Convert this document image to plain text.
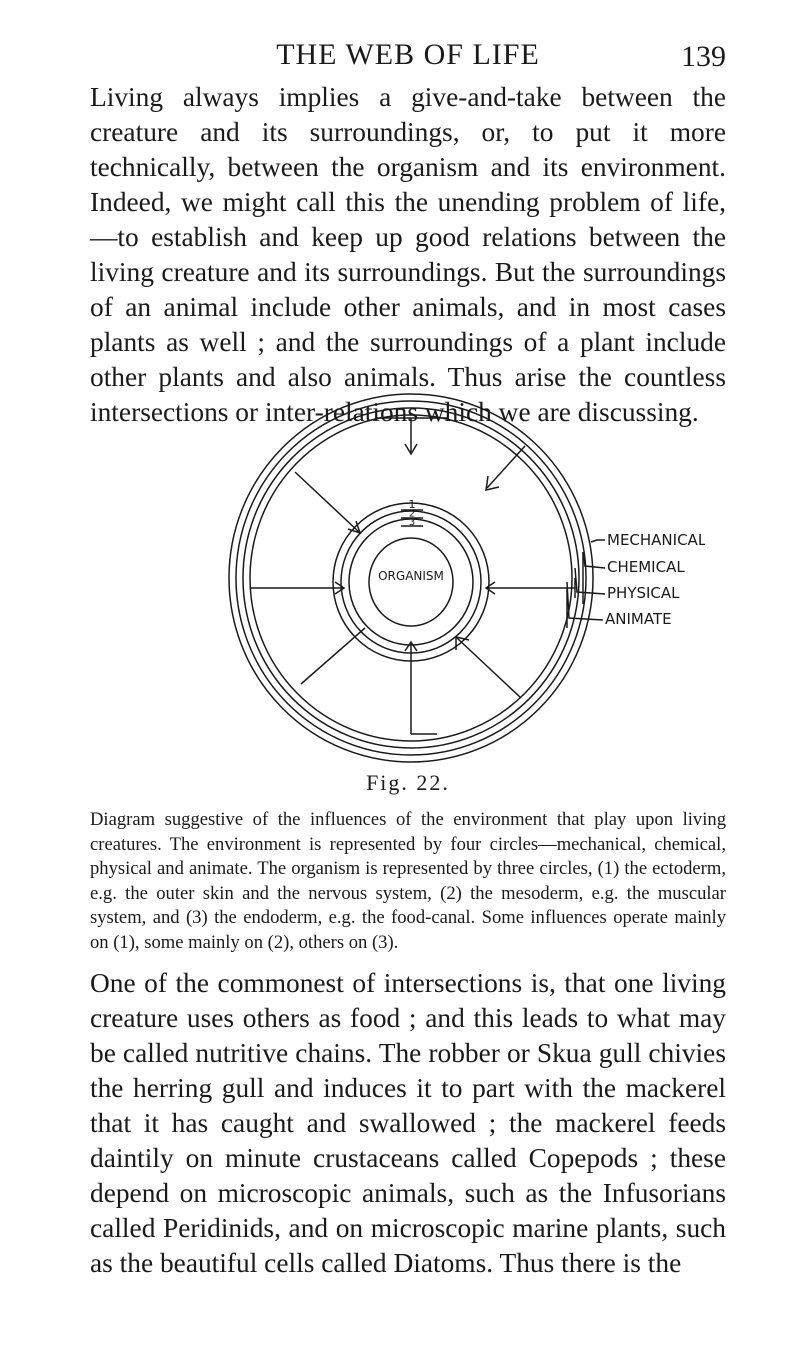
THE WEB OF LIFE	139

Living always implies a give-and-take between the creature and its surroundings, or, to put it more technically, between the organism and its environment. Indeed, we might call this the unending problem of life,—to establish and keep up good relations between the living creature and its surroundings. But the surroundings of an animal include other animals, and in most cases plants as well ; and the surroundings of a plant include other plants and also animals. Thus arise the countless intersections or inter-relations which we are discussing.

1
2
3
ORGANISM
MECHANICAL
CHEMICAL
PHYSICAL
ANIMATE
Fig. 22.

Diagram suggestive of the influences of the environment that play upon living creatures. The environment is represented by four circles—mechanical, chemical, physical and animate. The organism is represented by three circles, (1) the ectoderm, e.g. the outer skin and the nervous system, (2) the mesoderm, e.g. the muscular system, and (3) the endoderm, e.g. the food-canal. Some influences operate mainly on (1), some mainly on (2), others on (3).

One of the commonest of intersections is, that one living creature uses others as food ; and this leads to what may be called nutritive chains. The robber or Skua gull chivies the herring gull and induces it to part with the mackerel that it has caught and swallowed ; the mackerel feeds daintily on minute crustaceans called Copepods ; these depend on microscopic animals, such as the Infusorians called Peridinids, and on microscopic marine plants, such as the beautiful cells called Diatoms. Thus there is the
